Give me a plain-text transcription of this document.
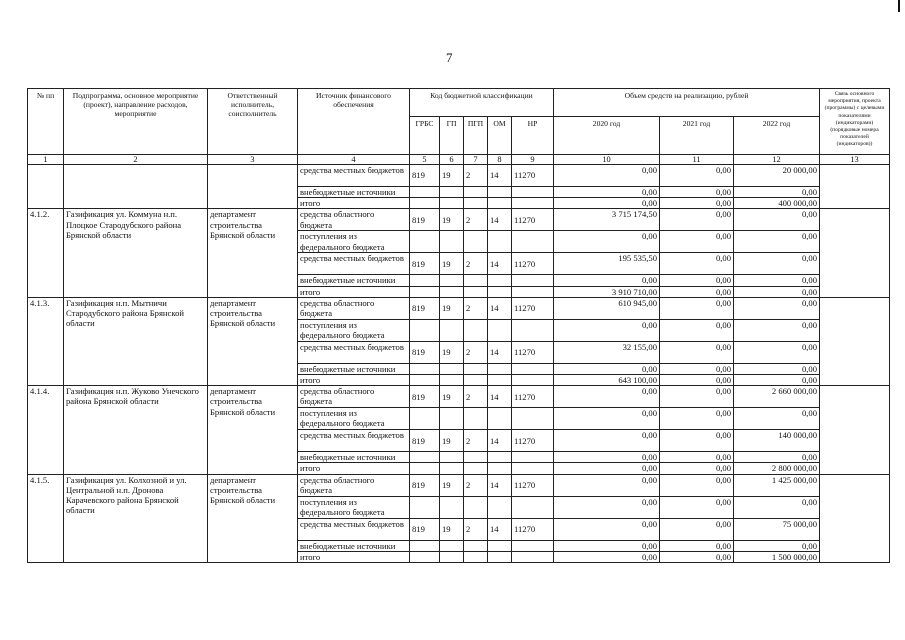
7
№ пп	Подпрограмма, основное мероприятие (проект), направление расходов, мероприятие	Ответственный исполнитель, соисполнитель	Источник финансового обеспечения	Код бюджетной классификации					Объем средств на реализацию, рублей			Связь основного мероприятия, проекта (программы) с целевыми показателями (индикаторами) (порядковые номера показателей (индикаторов))
				ГРБС	ГП	ПГП	ОМ	НР	2020 год	2021 год	2022 год	
1	2	3	4	5	6	7	8	9	10	11	12	13
			средства местных бюджетов	819	19	2	14	11270	0,00	0,00	20 000,00	
			внебюджетные источники						0,00	0,00	0,00	
			итого						0,00	0,00	400 000,00	
4.1.2.	Газификация ул. Коммуна н.п. Плоцкое Стародубского района Брянской области	департамент строительства Брянской области	средства областного бюджета	819	19	2	14	11270	3 715 174,50	0,00	0,00	
			поступления из федерального бюджета						0,00	0,00	0,00	
			средства местных бюджетов	819	19	2	14	11270	195 535,50	0,00	0,00	
			внебюджетные источники						0,00	0,00	0,00	
			итого						3 910 710,00	0,00	0,00	
4.1.3.	Газификация н.п. Мытничи Стародубского района Брянской области	департамент строительства Брянской области	средства областного бюджета	819	19	2	14	11270	610 945,00	0,00	0,00	
			поступления из федерального бюджета						0,00	0,00	0,00	
			средства местных бюджетов	819	19	2	14	11270	32 155,00	0,00	0,00	
			внебюджетные источники						0,00	0,00	0,00	
			итого						643 100,00	0,00	0,00	
4.1.4.	Газификация н.п. Жуково Унечского района Брянской области	департамент строительства Брянской области	средства областного бюджета	819	19	2	14	11270	0,00	0,00	2 660 000,00	
			поступления из федерального бюджета						0,00	0,00	0,00	
			средства местных бюджетов	819	19	2	14	11270	0,00	0,00	140 000,00	
			внебюджетные источники						0,00	0,00	0,00	
			итого						0,00	0,00	2 800 000,00	
4.1.5.	Газификация ул. Колхозной и ул. Центральной н.п. Дронова Карачевского района Брянской области	департамент строительства Брянской области	средства областного бюджета	819	19	2	14	11270	0,00	0,00	1 425 000,00	
			поступления из федерального бюджета						0,00	0,00	0,00	
			средства местных бюджетов	819	19	2	14	11270	0,00	0,00	75 000,00	
			внебюджетные источники						0,00	0,00	0,00	
			итого						0,00	0,00	1 500 000,00	
